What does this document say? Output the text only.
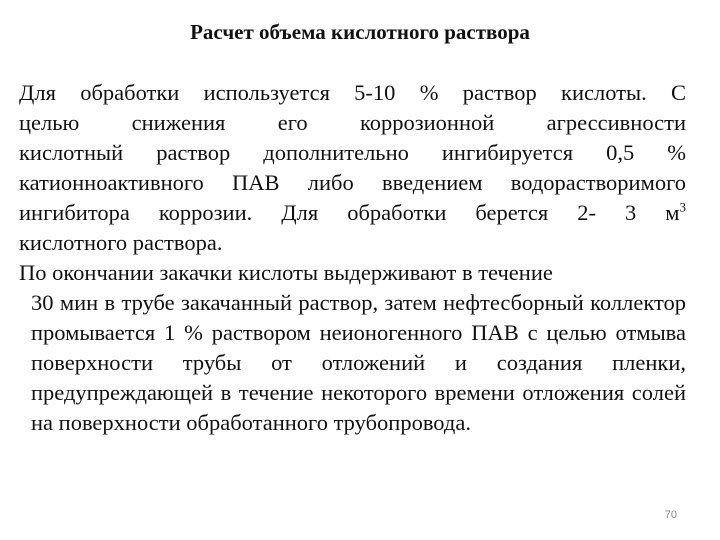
Расчет объема кислотного раствора
Для обработки используется 5-10 % раствор кислоты. С
целью снижения его коррозионной агрессивности
кислотный раствор дополнительно ингибируется 0,5 %
катионноактивного ПАВ либо введением водорастворимого
ингибитора коррозии. Для обработки берется 2- 3 $м^3$
кислотного раствора.
По окончании закачки кислоты выдерживают в течение
30 мин в трубе закачанный раствор, затем нефтесборный коллектор промывается 1 % раствором неионогенного ПАВ с целью отмыва поверхности трубы от отложений и создания пленки, предупреждающей в течение некоторого времени отложения солей на поверхности обработанного трубопровода.
70
